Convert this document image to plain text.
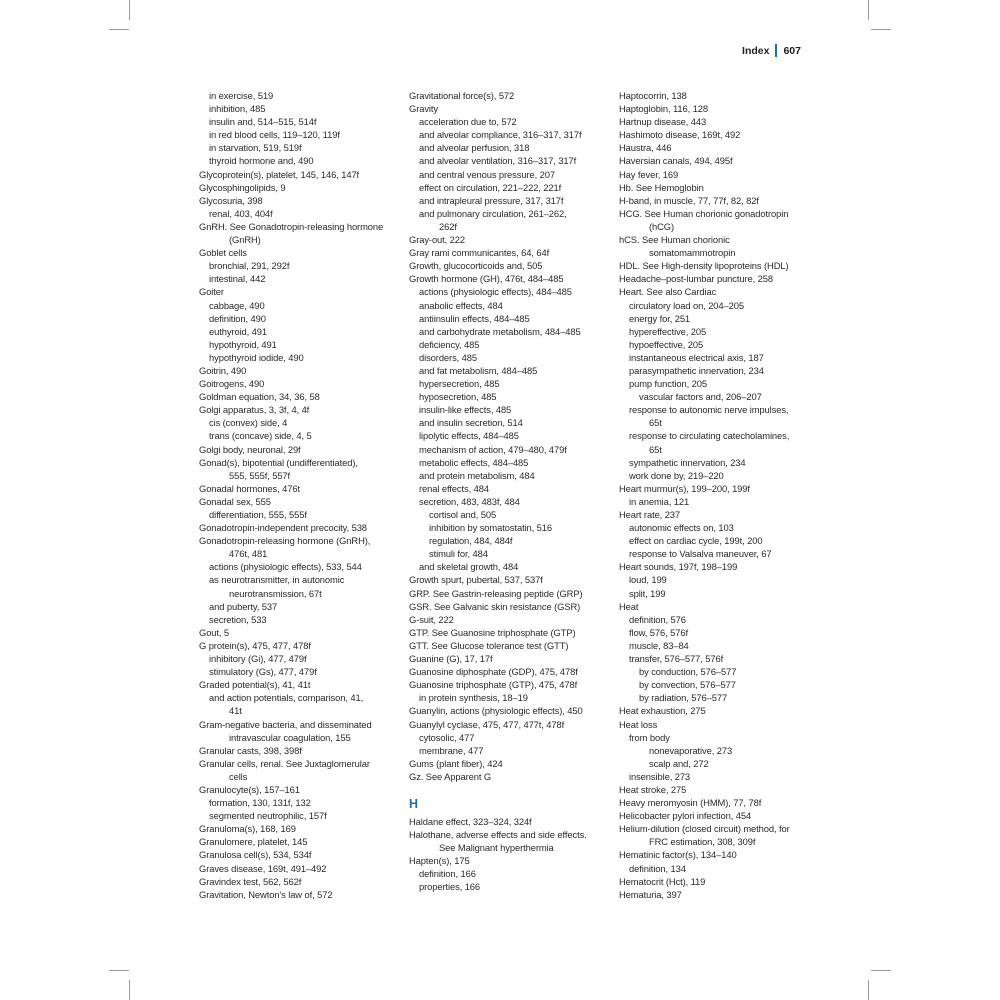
Index 607
in exercise, 519
inhibition, 485
insulin and, 514–515, 514f
in red blood cells, 119–120, 119f
in starvation, 519, 519f
thyroid hormone and, 490
Glycoprotein(s), platelet, 145, 146, 147f
Glycosphingolipids, 9
Glycosuria, 398
renal, 403, 404f
GnRH. See Gonadotropin-releasing hormone
(GnRH)
Goblet cells
bronchial, 291, 292f
intestinal, 442
Goiter
cabbage, 490
definition, 490
euthyroid, 491
hypothyroid, 491
hypothyroid iodide, 490
Goitrin, 490
Goitrogens, 490
Goldman equation, 34, 36, 58
Golgi apparatus, 3, 3f, 4, 4f
cis (convex) side, 4
trans (concave) side, 4, 5
Golgi body, neuronal, 29f
Gonad(s), bipotential (undifferentiated),
555, 555f, 557f
Gonadal hormones, 476t
Gonadal sex, 555
differentiation, 555, 555f
Gonadotropin-independent precocity, 538
Gonadotropin-releasing hormone (GnRH),
476t, 481
actions (physiologic effects), 533, 544
as neurotransmitter, in autonomic
neurotransmission, 67t
and puberty, 537
secretion, 533
Gout, 5
G protein(s), 475, 477, 478f
inhibitory (Gi), 477, 479f
stimulatory (Gs), 477, 479f
Graded potential(s), 41, 41t
and action potentials, comparison, 41,
41t
Gram-negative bacteria, and disseminated
intravascular coagulation, 155
Granular casts, 398, 398f
Granular cells, renal. See Juxtaglomerular
cells
Granulocyte(s), 157–161
formation, 130, 131f, 132
segmented neutrophilic, 157f
Granuloma(s), 168, 169
Granulomere, platelet, 145
Granulosa cell(s), 534, 534f
Graves disease, 169t, 491–492
Gravindex test, 562, 562f
Gravitation, Newton's law of, 572
Gravitational force(s), 572
Gravity
acceleration due to, 572
and alveolar compliance, 316–317, 317f
and alveolar perfusion, 318
and alveolar ventilation, 316–317, 317f
and central venous pressure, 207
effect on circulation, 221–222, 221f
and intrapleural pressure, 317, 317f
and pulmonary circulation, 261–262,
262f
Gray-out, 222
Gray rami communicantes, 64, 64f
Growth, glucocorticoids and, 505
Growth hormone (GH), 476t, 484–485
actions (physiologic effects), 484–485
anabolic effects, 484
antiinsulin effects, 484–485
and carbohydrate metabolism, 484–485
deficiency, 485
disorders, 485
and fat metabolism, 484–485
hypersecretion, 485
hyposecretion, 485
insulin-like effects, 485
and insulin secretion, 514
lipolytic effects, 484–485
mechanism of action, 479–480, 479f
metabolic effects, 484–485
and protein metabolism, 484
renal effects, 484
secretion, 483, 483f, 484
cortisol and, 505
inhibition by somatostatin, 516
regulation, 484, 484f
stimuli for, 484
and skeletal growth, 484
Growth spurt, pubertal, 537, 537f
GRP. See Gastrin-releasing peptide (GRP)
GSR. See Galvanic skin resistance (GSR)
G-suit, 222
GTP. See Guanosine triphosphate (GTP)
GTT. See Glucose tolerance test (GTT)
Guanine (G), 17, 17f
Guanosine diphosphate (GDP), 475, 478f
Guanosine triphosphate (GTP), 475, 478f
in protein synthesis, 18–19
Guanylin, actions (physiologic effects), 450
Guanylyl cyclase, 475, 477, 477t, 478f
cytosolic, 477
membrane, 477
Gums (plant fiber), 424
Gz. See Apparent G
H
Haldane effect, 323–324, 324f
Halothane, adverse effects and side effects.
See Malignant hyperthermia
Hapten(s), 175
definition, 166
properties, 166
Haptocorrin, 138
Haptoglobin, 116, 128
Hartnup disease, 443
Hashimoto disease, 169t, 492
Haustra, 446
Haversian canals, 494, 495f
Hay fever, 169
Hb. See Hemoglobin
H-band, in muscle, 77, 77f, 82, 82f
HCG. See Human chorionic gonadotropin
(hCG)
hCS. See Human chorionic
somatomammotropin
HDL. See High-density lipoproteins (HDL)
Headache–post-lumbar puncture, 258
Heart. See also Cardiac
circulatory load on, 204–205
energy for, 251
hypereffective, 205
hypoeffective, 205
instantaneous electrical axis, 187
parasympathetic innervation, 234
pump function, 205
vascular factors and, 206–207
response to autonomic nerve impulses,
65t
response to circulating catecholamines,
65t
sympathetic innervation, 234
work done by, 219–220
Heart murmur(s), 199–200, 199f
in anemia, 121
Heart rate, 237
autonomic effects on, 103
effect on cardiac cycle, 199t, 200
response to Valsalva maneuver, 67
Heart sounds, 197f, 198–199
loud, 199
split, 199
Heat
definition, 576
flow, 576, 576f
muscle, 83–84
transfer, 576–577, 576f
by conduction, 576–577
by convection, 576–577
by radiation, 576–577
Heat exhaustion, 275
Heat loss
from body
nonevaporative, 273
scalp and, 272
insensible, 273
Heat stroke, 275
Heavy meromyosin (HMM), 77, 78f
Helicobacter pylori infection, 454
Helium-dilution (closed circuit) method, for
FRC estimation, 308, 309f
Hematinic factor(s), 134–140
definition, 134
Hematocrit (Hct), 119
Hematuria, 397
